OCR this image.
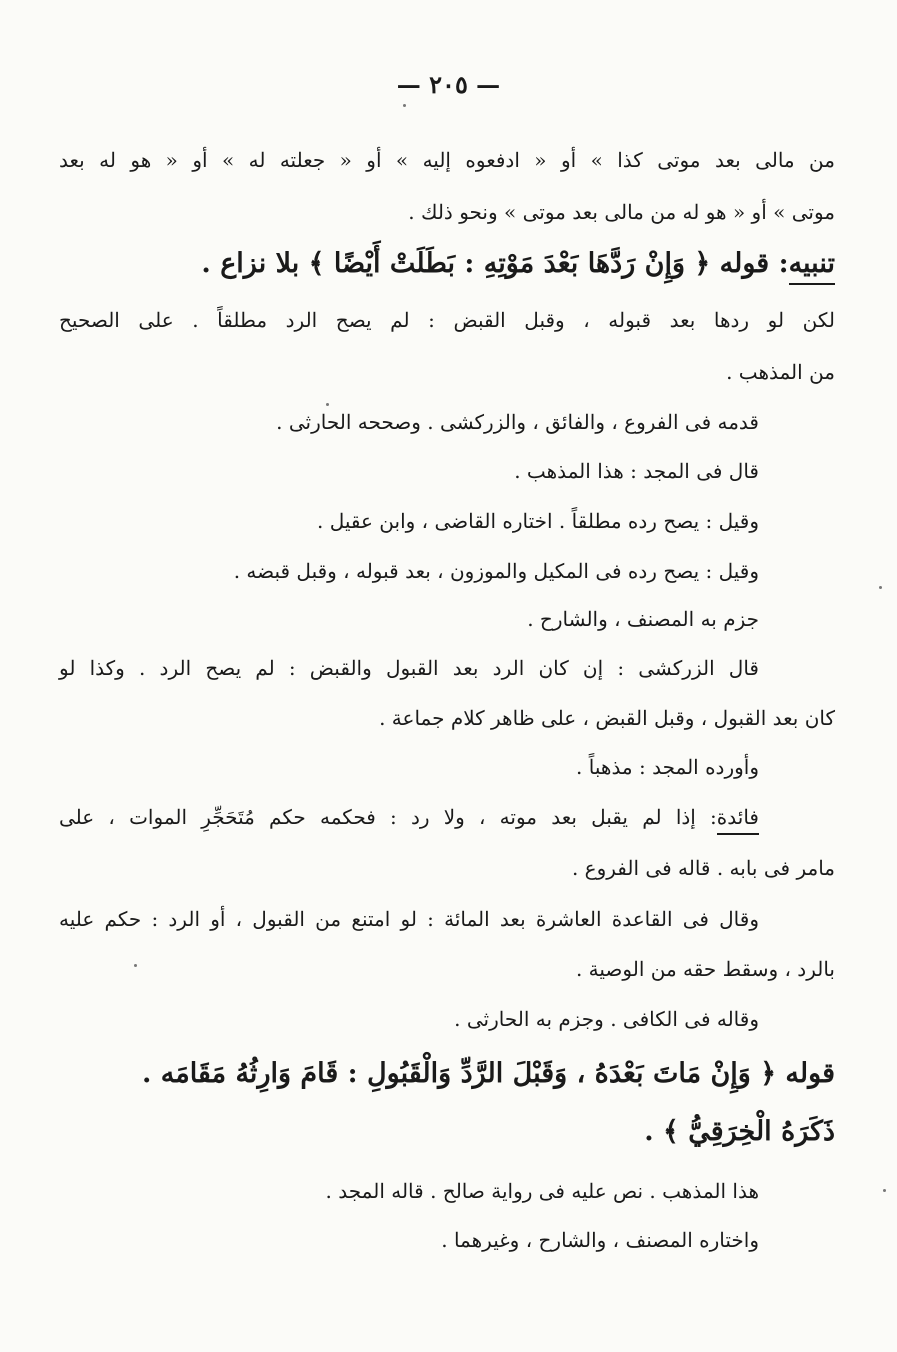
— ٢٠٥ —
من مالى بعد موتى كذا » أو « ادفعوه إليه » أو « جعلته له » أو « هو له بعد
موتى » أو « هو له من مالى بعد موتى » ونحو ذلك .
تنبيه: قوله ﴿ وَإِنْ رَدَّهَا بَعْدَ مَوْتِهِ : بَطَلَتْ أَيْضًا ﴾ بلا نزاع .
لكن لو ردها بعد قبوله ، وقبل القبض : لم يصح الرد مطلقاً . على الصحيح
من المذهب .
قدمه فى الفروع ، والفائق ، والزركشى . وصححه الحارثى .
قال فى المجد : هذا المذهب .
وقيل : يصح رده مطلقاً . اختاره القاضى ، وابن عقيل .
وقيل : يصح رده فى المكيل والموزون ، بعد قبوله ، وقبل قبضه .
جزم به المصنف ، والشارح .
قال الزركشى : إن كان الرد بعد القبول والقبض : لم يصح الرد . وكذا لو
كان بعد القبول ، وقبل القبض ، على ظاهر كلام جماعة .
وأورده المجد : مذهباً .
فائدة: إذا لم يقبل بعد موته ، ولا رد : فحكمه حكم مُتَحَجِّرِ الموات ، على
مامر فى بابه . قاله فى الفروع .
وقال فى القاعدة العاشرة بعد المائة : لو امتنع من القبول ، أو الرد : حكم عليه
بالرد ، وسقط حقه من الوصية .
وقاله فى الكافى . وجزم به الحارثى .
قوله ﴿ وَإِنْ مَاتَ بَعْدَهُ ، وَقَبْلَ الرَّدِّ وَالْقَبُولِ : قَامَ وَارِثُهُ مَقَامَه .
ذَكَرَهُ الْخِرَقِيُّ ﴾ .
هذا المذهب . نص عليه فى رواية صالح . قاله المجد .
واختاره المصنف ، والشارح ، وغيرهما .
